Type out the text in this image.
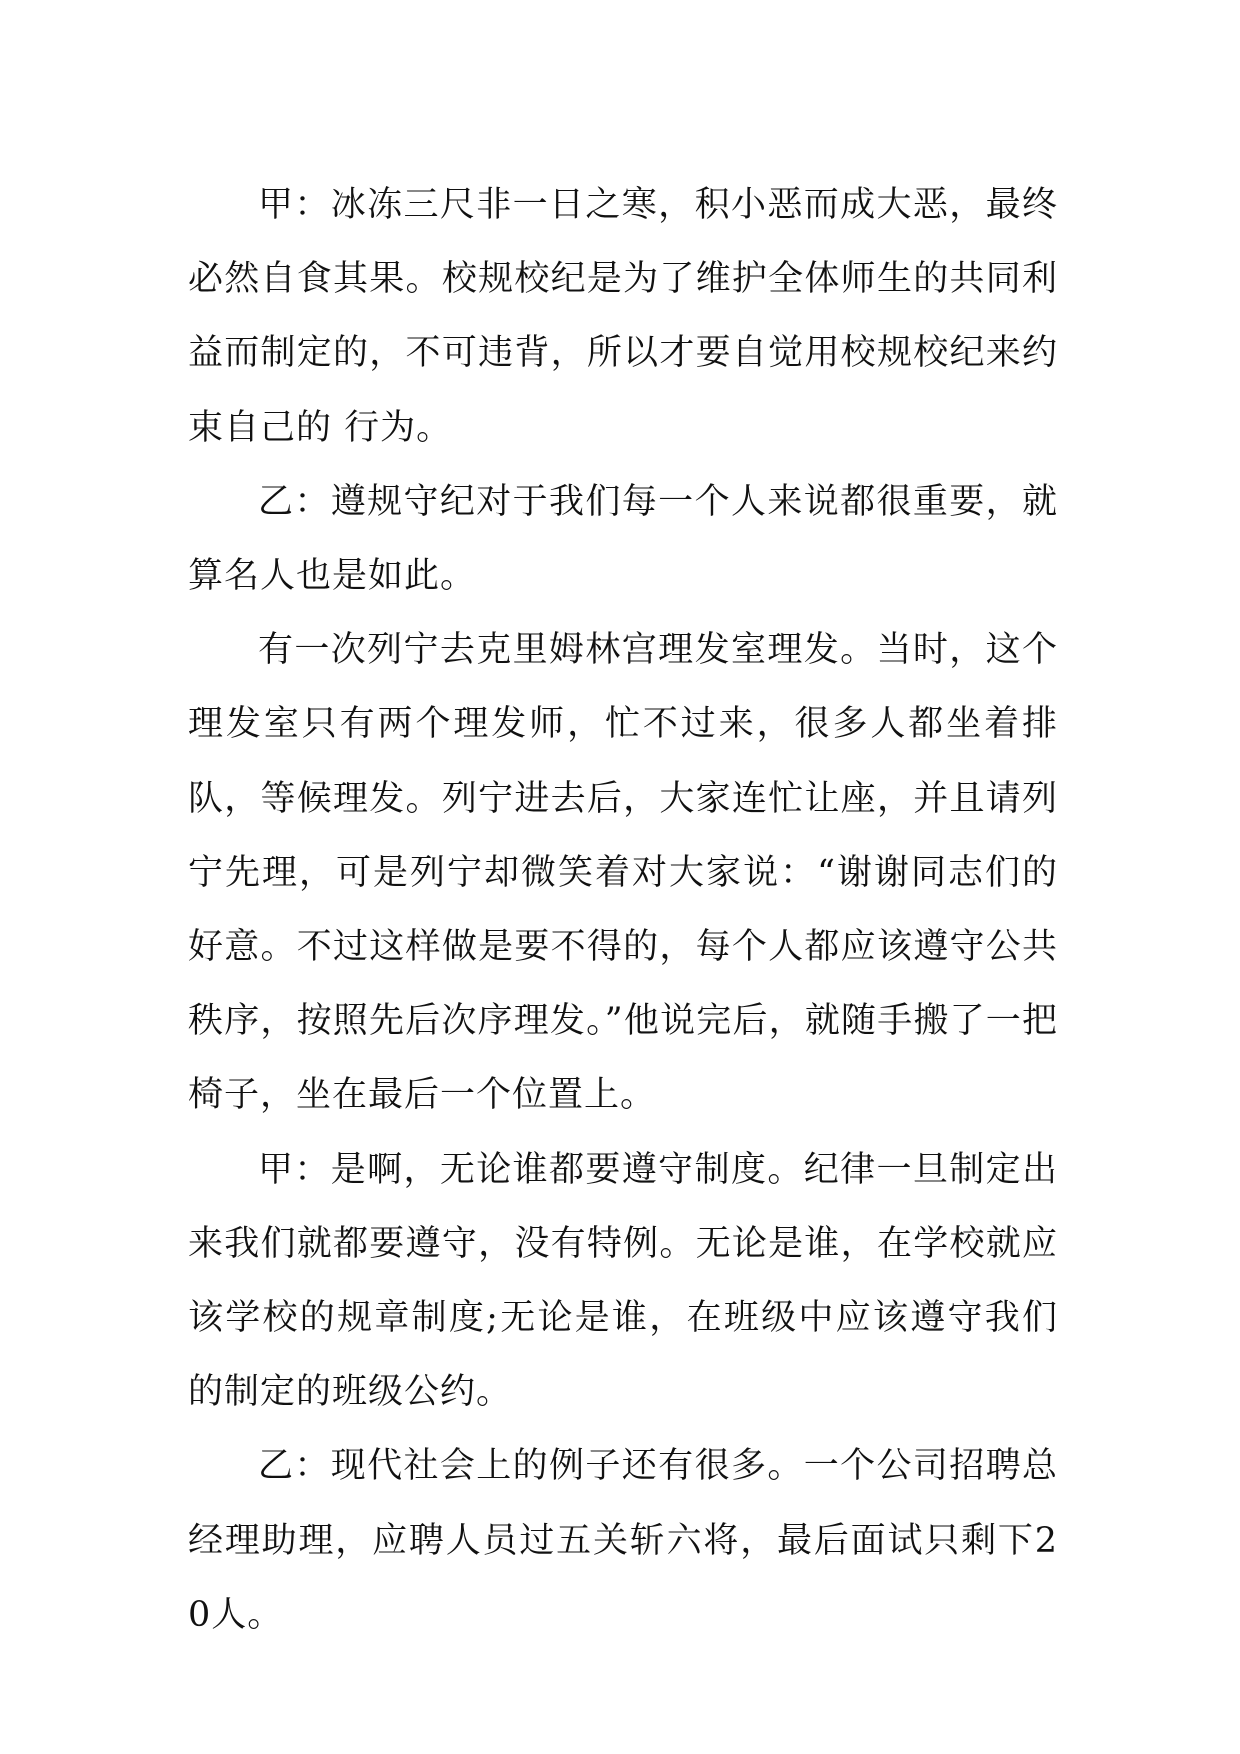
甲：冰冻三尺非一日之寒，积小恶而成大恶，最终必然自食其果。校规校纪是为了维护全体师生的共同利益而制定的，不可违背，所以才要自觉用校规校纪来约束自己的 行为。

乙：遵规守纪对于我们每一个人来说都很重要，就算名人也是如此。

有一次列宁去克里姆林宫理发室理发。当时，这个理发室只有两个理发师，忙不过来，很多人都坐着排队，等候理发。列宁进去后，大家连忙让座，并且请列宁先理，可是列宁却微笑着对大家说：“谢谢同志们的好意。不过这样做是要不得的，每个人都应该遵守公共秩序，按照先后次序理发。”他说完后，就随手搬了一把椅子，坐在最后一个位置上。

甲：是啊，无论谁都要遵守制度。纪律一旦制定出来我们就都要遵守，没有特例。无论是谁，在学校就应该学校的规章制度;无论是谁，在班级中应该遵守我们的制定的班级公约。

乙：现代社会上的例子还有很多。一个公司招聘总经理助理，应聘人员过五关斩六将，最后面试只剩下20人。
